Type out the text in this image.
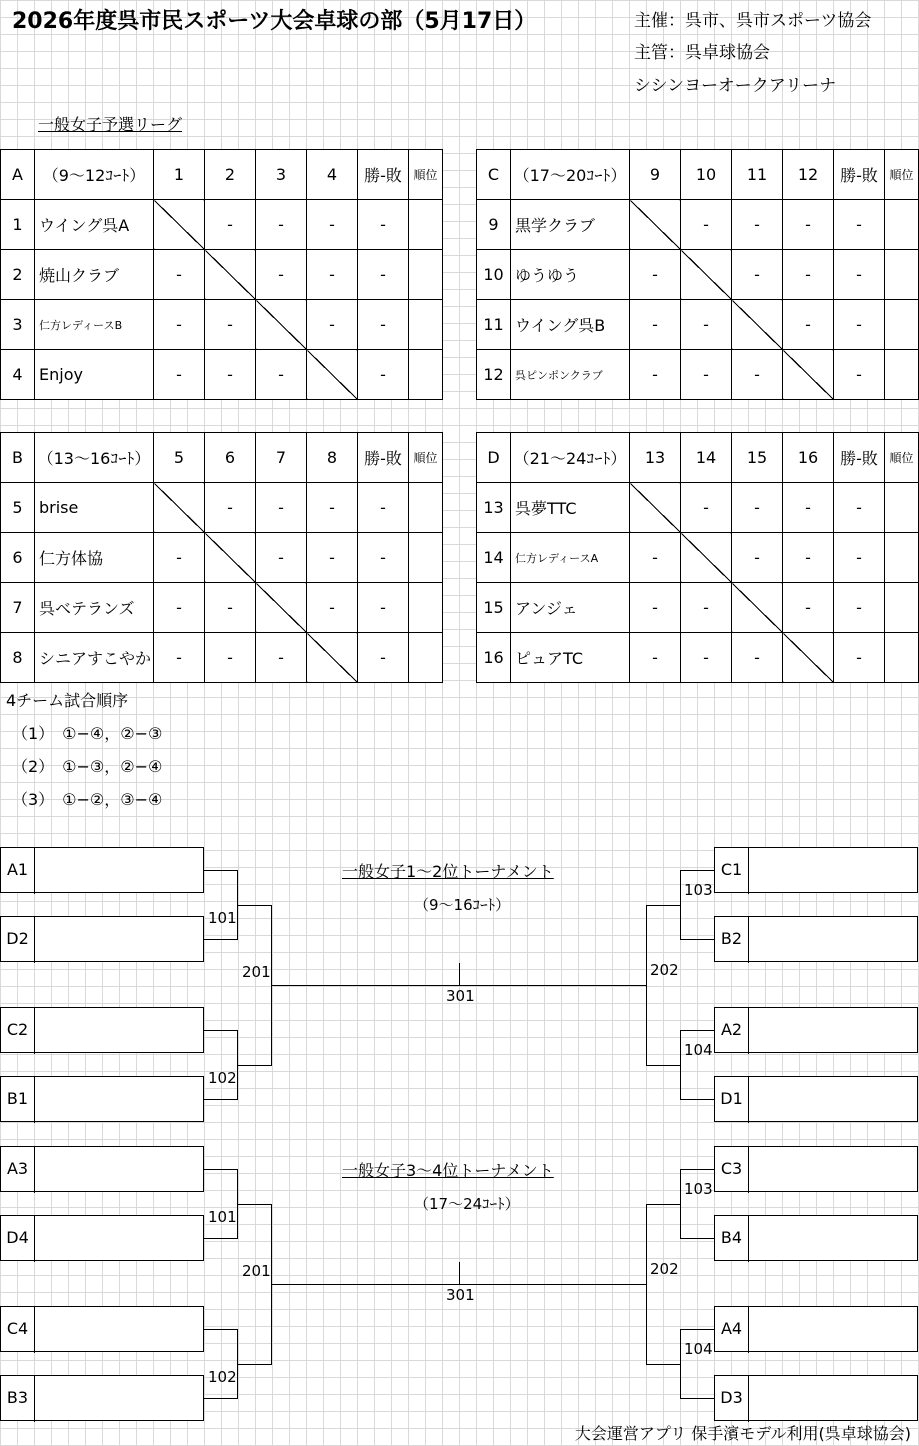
2026年度呉市民スポーツ大会卓球の部（5月17日）	主催：呉市、呉市スポーツ協会
主管：呉卓球協会
シシンヨーオークアリーナ
一般女子予選リーグ
A	（9〜12ｺｰﾄ）	1	2	3	4	勝-敗	順位
1	ウイング呉A		-	-	-	-	
2	焼山クラブ	-		-	-	-	
3	仁方レディースB	-	-		-	-	
4	Enjoy	-	-	-		-	
C	（17〜20ｺｰﾄ）	9	10	11	12	勝-敗	順位
9	黒学クラブ		-	-	-	-	
10	ゆうゆう	-		-	-	-	
11	ウイング呉B	-	-		-	-	
12	呉ピンポンクラブ	-	-	-		-	
B	（13〜16ｺｰﾄ）	5	6	7	8	勝-敗	順位
5	brise		-	-	-	-	
6	仁方体協	-		-	-	-	
7	呉ベテランズ	-	-		-	-	
8	シニアすこやか	-	-	-		-	
D	（21〜24ｺｰﾄ）	13	14	15	16	勝-敗	順位
13	呉夢TTC		-	-	-	-	
14	仁方レディースA	-		-	-	-	
15	アンジェ	-	-		-	-	
16	ピュアTC	-	-	-		-	
4チーム試合順序
（1）　①−④，②−③
（2）　①−③，②−④
（3）　①−②，③−④
A1
D2
C2
B1
C1
B2
A2
D1
101
102
103
104
201	202
301
一般女子1〜2位トーナメント
（9〜16ｺｰﾄ）
A3
D4
C4
B3
C3
B4
A4
D3
101
102
103
104
201	202
301
一般女子3〜4位トーナメント
（17〜24ｺｰﾄ）
大会運営アプリ 保手濱モデル利用(呉卓球協会)
